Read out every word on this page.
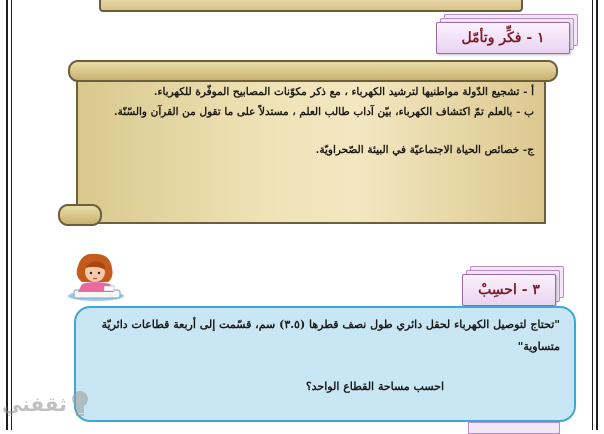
١ - فكِّر وتأمّل
أ - تشجيع الدّولة مواطنيها لترشيد الكهرباء ، مع ذكر مكوّنات المصابيح الموفّرة للكهرباء.
ب - بالعلم تمّ اكتشاف الكهرباء، بيّن آداب طالب العلم ، مستدلاً على ما تقول من القرآن والسّنّة.
ج- خصائص الحياة الاجتماعيّة في البيئة الصّحراويّة.
٣ - احسِبْ
"تحتاج لتوصيل الكهرباء لحقل دائري طول نصف قطرها (٣.٥) سم، قسّمت إلى أربعة قطاعات دائريّة
متساوية"
احسب مساحة القطاع الواحد؟
ثقفني
